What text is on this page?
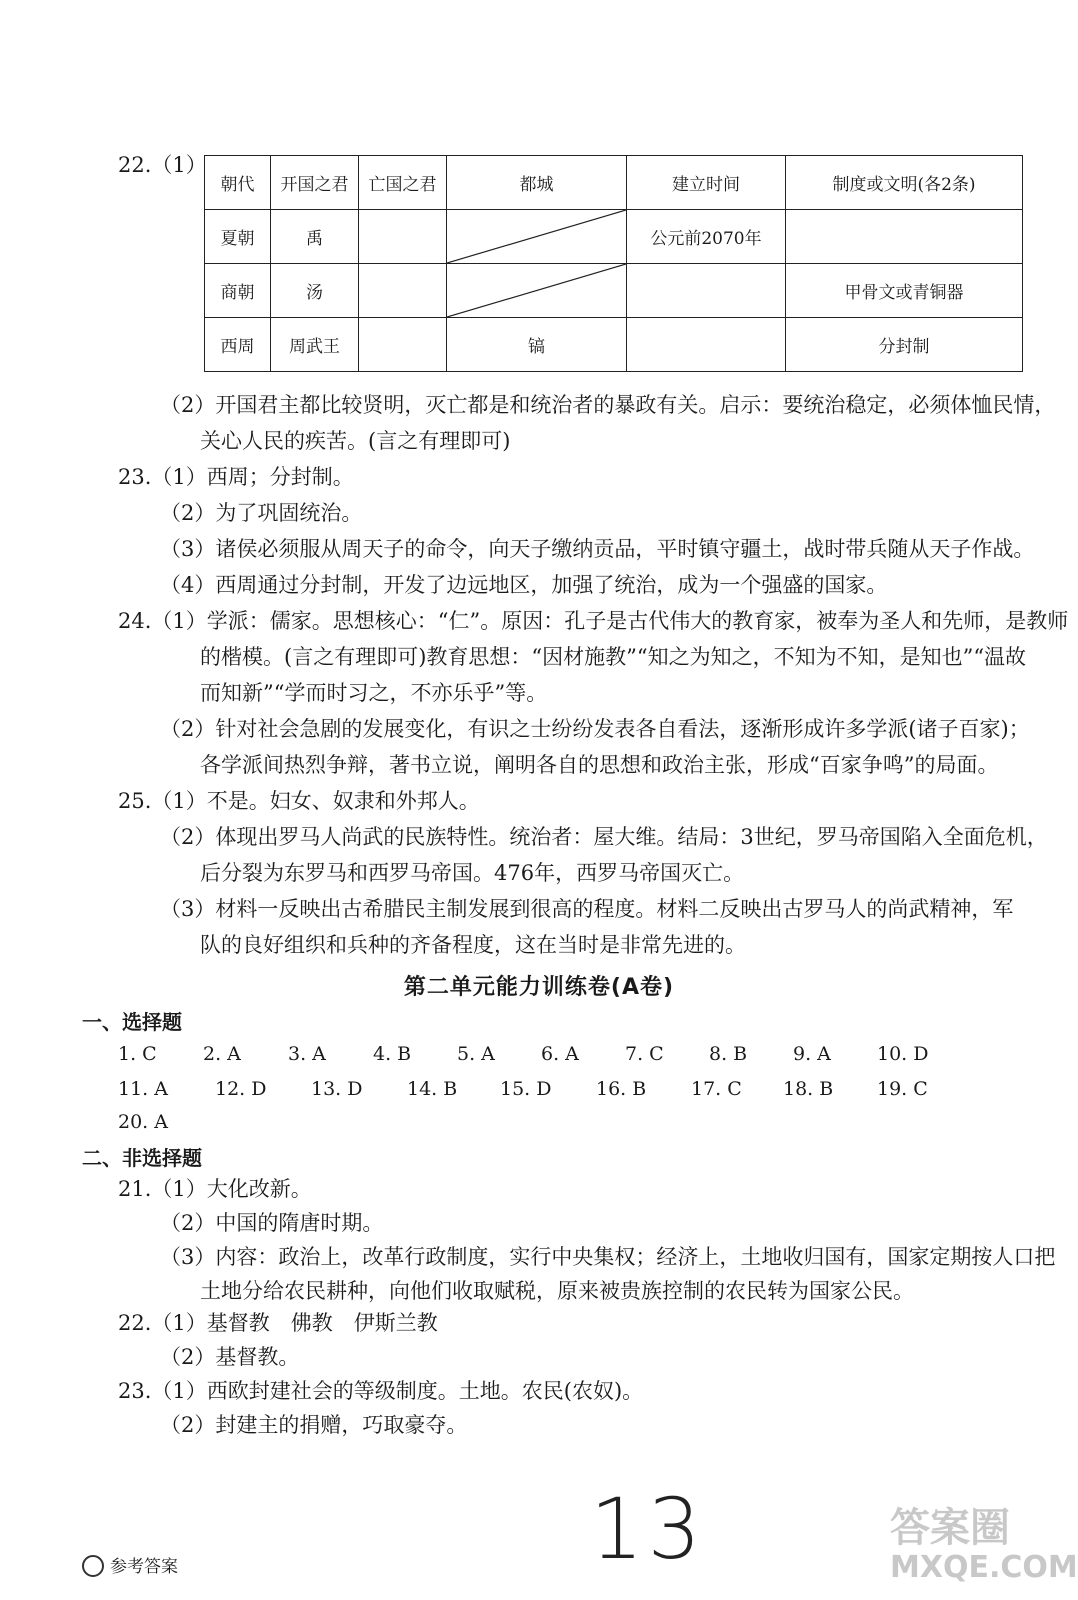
22.（1）
朝代	开国之君	亡国之君	都城	建立时间	制度或文明(各2条)
夏朝	禹			公元前2070年	
商朝	汤				甲骨文或青铜器
西周	周武王		镐		分封制
（2）开国君主都比较贤明，灭亡都是和统治者的暴政有关。启示：要统治稳定，必须体恤民情，
关心人民的疾苦。(言之有理即可)
23.（1）西周；分封制。
（2）为了巩固统治。
（3）诸侯必须服从周天子的命令，向天子缴纳贡品，平时镇守疆土，战时带兵随从天子作战。
（4）西周通过分封制，开发了边远地区，加强了统治，成为一个强盛的国家。
24.（1）学派：儒家。思想核心：“仁”。原因：孔子是古代伟大的教育家，被奉为圣人和先师，是教师
的楷模。(言之有理即可)教育思想：“因材施教”“知之为知之，不知为不知，是知也”“温故
而知新”“学而时习之，不亦乐乎”等。
（2）针对社会急剧的发展变化，有识之士纷纷发表各自看法，逐渐形成许多学派(诸子百家)；
各学派间热烈争辩，著书立说，阐明各自的思想和政治主张，形成“百家争鸣”的局面。
25.（1）不是。妇女、奴隶和外邦人。
（2）体现出罗马人尚武的民族特性。统治者：屋大维。结局：3世纪，罗马帝国陷入全面危机，
后分裂为东罗马和西罗马帝国。476年，西罗马帝国灭亡。
（3）材料一反映出古希腊民主制发展到很高的程度。材料二反映出古罗马人的尚武精神，军
队的良好组织和兵种的齐备程度，这在当时是非常先进的。
第二单元能力训练卷(A卷)
一、选择题
1. C 2. A 3. A 4. B 5. A 6. A 7. C 8. B 9. A 10. D
11. A 12. D 13. D 14. B 15. D 16. B 17. C 18. B 19. C
20. A
二、非选择题
21.（1）大化改新。
（2）中国的隋唐时期。
（3）内容：政治上，改革行政制度，实行中央集权；经济上，土地收归国有，国家定期按人口把
土地分给农民耕种，向他们收取赋税，原来被贵族控制的农民转为国家公民。
22.（1）基督教　佛教　伊斯兰教
（2）基督教。
23.（1）西欧封建社会的等级制度。土地。农民(农奴)。
（2）封建主的捐赠，巧取豪夺。
参考答案	13	答案圈
MXQE.COM
